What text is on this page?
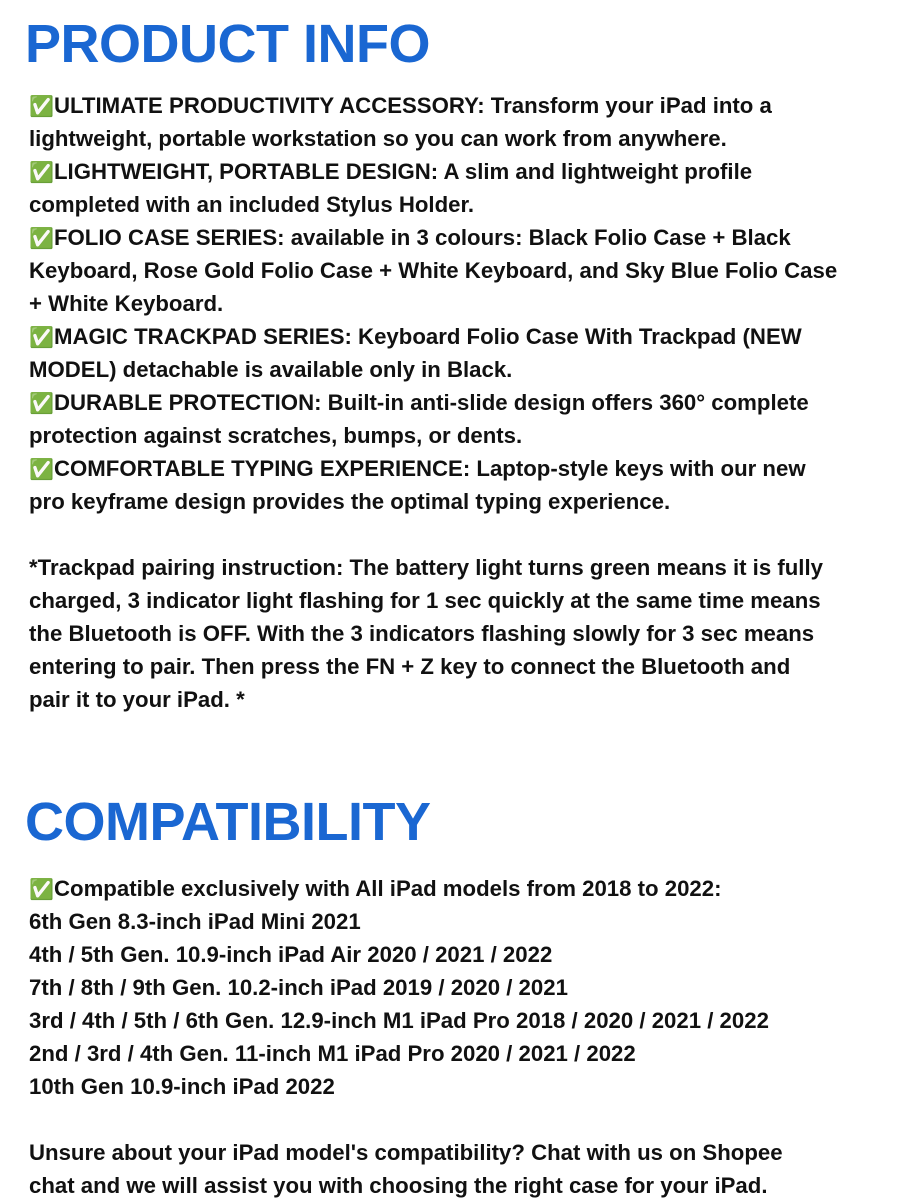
PRODUCT INFO
✅ULTIMATE PRODUCTIVITY ACCESSORY: Transform your iPad into a
lightweight, portable workstation so you can work from anywhere.
✅LIGHTWEIGHT, PORTABLE DESIGN: A slim and lightweight profile
completed with an included Stylus Holder.
✅FOLIO CASE SERIES: available in 3 colours: Black Folio Case + Black
Keyboard, Rose Gold Folio Case + White Keyboard, and Sky Blue Folio Case
+ White Keyboard.
✅MAGIC TRACKPAD SERIES: Keyboard Folio Case With Trackpad (NEW
MODEL) detachable is available only in Black.
✅DURABLE PROTECTION: Built-in anti-slide design offers 360° complete
protection against scratches, bumps, or dents.
✅COMFORTABLE TYPING EXPERIENCE: Laptop-style keys with our new
pro keyframe design provides the optimal typing experience.
*Trackpad pairing instruction: The battery light turns green means it is fully
charged, 3 indicator light flashing for 1 sec quickly at the same time means
the Bluetooth is OFF. With the 3 indicators flashing slowly for 3 sec means
entering to pair. Then press the FN + Z key to connect the Bluetooth and
pair it to your iPad. *
COMPATIBILITY
✅Compatible exclusively with All iPad models from 2018 to 2022:
6th Gen 8.3-inch iPad Mini 2021
4th / 5th Gen. 10.9-inch iPad Air 2020 / 2021 / 2022
7th / 8th / 9th Gen. 10.2-inch iPad 2019 / 2020 / 2021
3rd / 4th / 5th / 6th Gen. 12.9-inch M1 iPad Pro 2018 / 2020 / 2021 / 2022
2nd / 3rd / 4th Gen. 11-inch M1 iPad Pro 2020 / 2021 / 2022
10th Gen 10.9-inch iPad 2022
Unsure about your iPad model's compatibility? Chat with us on Shopee
chat and we will assist you with choosing the right case for your iPad.
